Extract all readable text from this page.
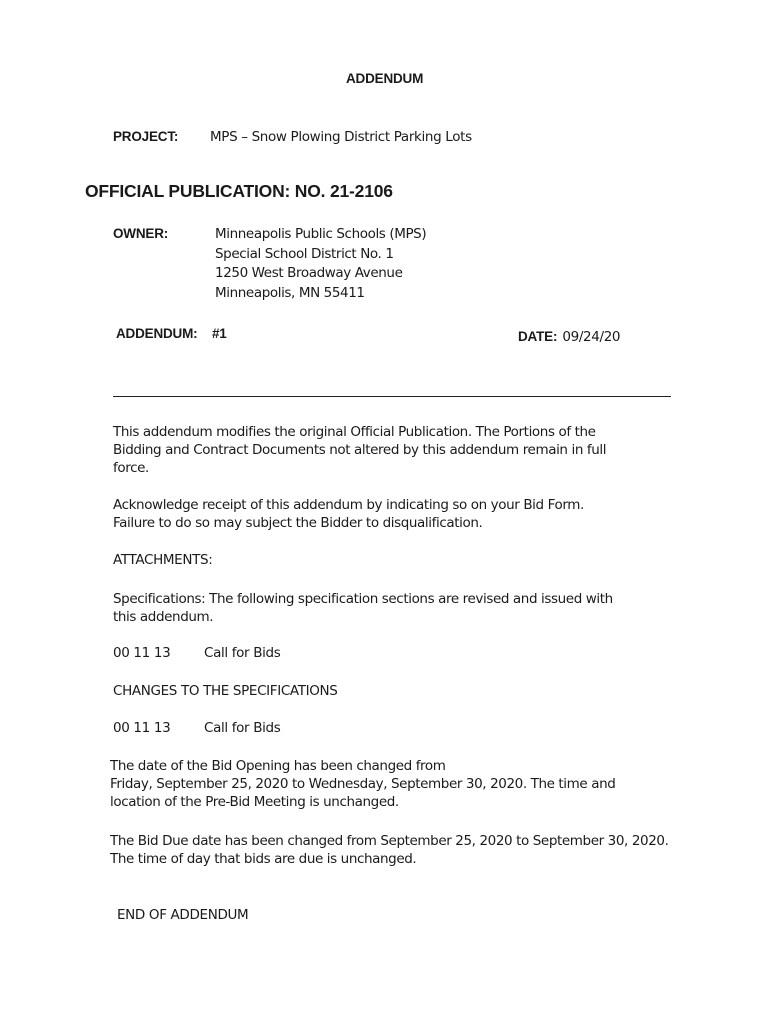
ADDENDUM
PROJECT: MPS – Snow Plowing District Parking Lots
OFFICIAL PUBLICATION: NO. 21-2106
OWNER:	Minneapolis Public Schools (MPS)
Special School District No. 1
1250 West Broadway Avenue
Minneapolis, MN 55411
ADDENDUM: #1	DATE: 09/24/20
This addendum modifies the original Official Publication. The Portions of the
Bidding and Contract Documents not altered by this addendum remain in full
force.
Acknowledge receipt of this addendum by indicating so on your Bid Form.
Failure to do so may subject the Bidder to disqualification.
ATTACHMENTS:
Specifications: The following specification sections are revised and issued with
this addendum.
00 11 13 Call for Bids
CHANGES TO THE SPECIFICATIONS
00 11 13 Call for Bids
The date of the Bid Opening has been changed from
Friday, September 25, 2020 to Wednesday, September 30, 2020. The time and
location of the Pre-Bid Meeting is unchanged.
The Bid Due date has been changed from September 25, 2020 to September 30, 2020.
The time of day that bids are due is unchanged.
END OF ADDENDUM
